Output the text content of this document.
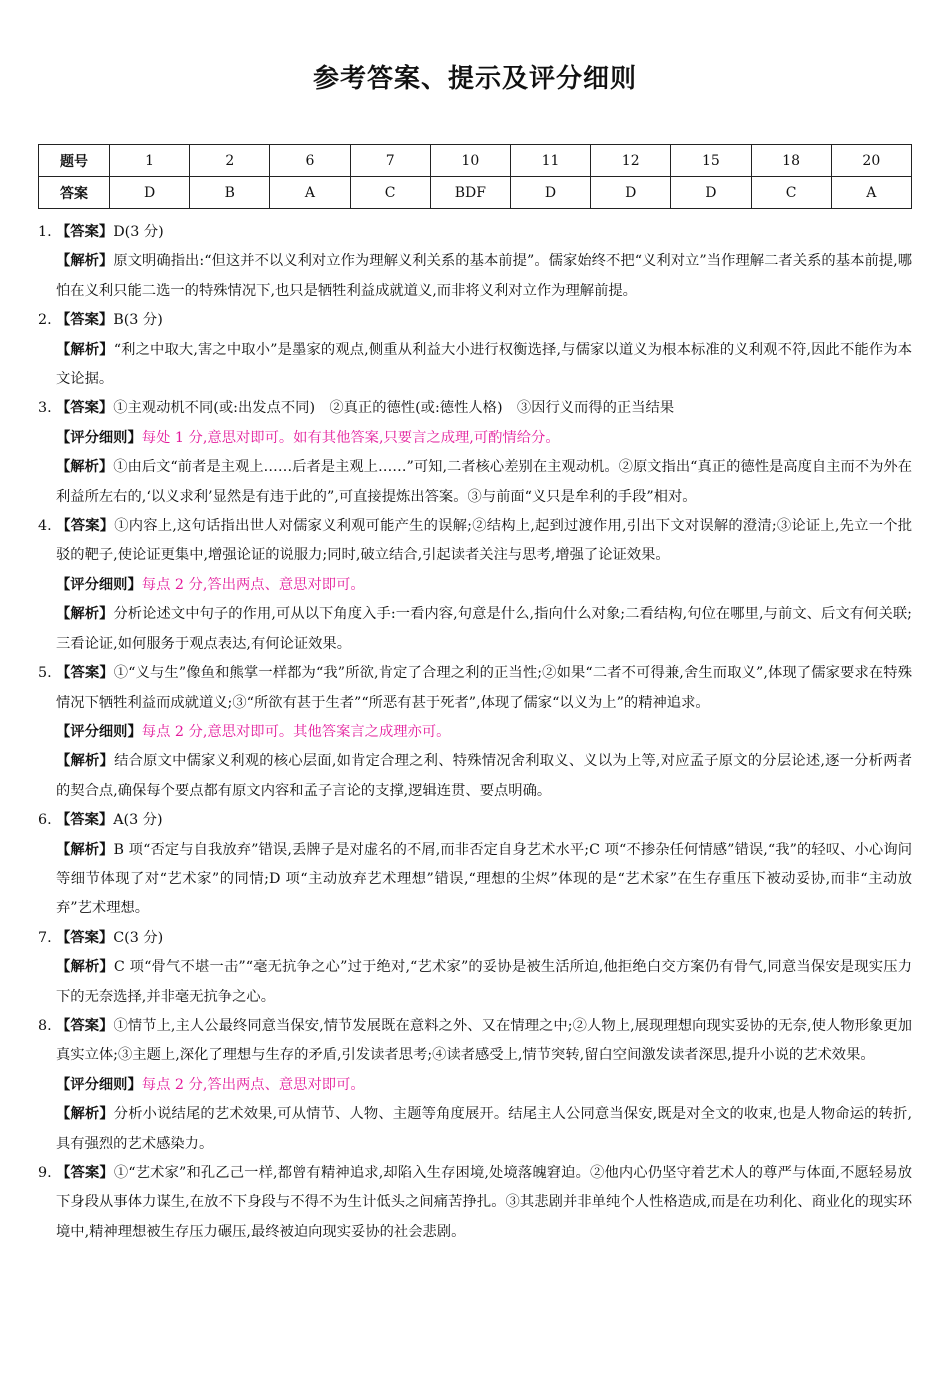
参考答案、提示及评分细则
题号	1	2	6	7	10	11	12	15	18	20
答案	D	B	A	C	BDF	D	D	D	C	A

1. 【答案】D(3 分)

【解析】原文明确指出:“但这并不以义利对立作为理解义利关系的基本前提”。儒家始终不把“义利对立”当作理解二者关系的基本前提,哪怕在义利只能二选一的特殊情况下,也只是牺牲利益成就道义,而非将义利对立作为理解前提。

2. 【答案】B(3 分)

【解析】“利之中取大,害之中取小”是墨家的观点,侧重从利益大小进行权衡选择,与儒家以道义为根本标准的义利观不符,因此不能作为本文论据。

3. 【答案】①主观动机不同(或:出发点不同)　②真正的德性(或:德性人格)　③因行义而得的正当结果

【评分细则】每处 1 分,意思对即可。如有其他答案,只要言之成理,可酌情给分。

【解析】①由后文“前者是主观上……后者是主观上……”可知,二者核心差别在主观动机。②原文指出“真正的德性是高度自主而不为外在利益所左右的,‘以义求利’显然是有违于此的”,可直接提炼出答案。③与前面“义只是牟利的手段”相对。

4. 【答案】①内容上,这句话指出世人对儒家义利观可能产生的误解;②结构上,起到过渡作用,引出下文对误解的澄清;③论证上,先立一个批驳的靶子,使论证更集中,增强论证的说服力;同时,破立结合,引起读者关注与思考,增强了论证效果。

【评分细则】每点 2 分,答出两点、意思对即可。

【解析】分析论述文中句子的作用,可从以下角度入手:一看内容,句意是什么,指向什么对象;二看结构,句位在哪里,与前文、后文有何关联;三看论证,如何服务于观点表达,有何论证效果。

5. 【答案】①“义与生”像鱼和熊掌一样都为“我”所欲,肯定了合理之利的正当性;②如果“二者不可得兼,舍生而取义”,体现了儒家要求在特殊情况下牺牲利益而成就道义;③“所欲有甚于生者”“所恶有甚于死者”,体现了儒家“以义为上”的精神追求。

【评分细则】每点 2 分,意思对即可。其他答案言之成理亦可。

【解析】结合原文中儒家义利观的核心层面,如肯定合理之利、特殊情况舍利取义、义以为上等,对应孟子原文的分层论述,逐一分析两者的契合点,确保每个要点都有原文内容和孟子言论的支撑,逻辑连贯、要点明确。

6. 【答案】A(3 分)

【解析】B 项“否定与自我放弃”错误,丢牌子是对虚名的不屑,而非否定自身艺术水平;C 项“不掺杂任何情感”错误,“我”的轻叹、小心询问等细节体现了对“艺术家”的同情;D 项“主动放弃艺术理想”错误,“理想的尘烬”体现的是“艺术家”在生存重压下被动妥协,而非“主动放弃”艺术理想。

7. 【答案】C(3 分)

【解析】C 项“骨气不堪一击”“毫无抗争之心”过于绝对,“艺术家”的妥协是被生活所迫,他拒绝白交方案仍有骨气,同意当保安是现实压力下的无奈选择,并非毫无抗争之心。

8. 【答案】①情节上,主人公最终同意当保安,情节发展既在意料之外、又在情理之中;②人物上,展现理想向现实妥协的无奈,使人物形象更加真实立体;③主题上,深化了理想与生存的矛盾,引发读者思考;④读者感受上,情节突转,留白空间激发读者深思,提升小说的艺术效果。

【评分细则】每点 2 分,答出两点、意思对即可。

【解析】分析小说结尾的艺术效果,可从情节、人物、主题等角度展开。结尾主人公同意当保安,既是对全文的收束,也是人物命运的转折,具有强烈的艺术感染力。

9. 【答案】①“艺术家”和孔乙己一样,都曾有精神追求,却陷入生存困境,处境落魄窘迫。②他内心仍坚守着艺术人的尊严与体面,不愿轻易放下身段从事体力谋生,在放不下身段与不得不为生计低头之间痛苦挣扎。③其悲剧并非单纯个人性格造成,而是在功利化、商业化的现实环境中,精神理想被生存压力碾压,最终被迫向现实妥协的社会悲剧。
